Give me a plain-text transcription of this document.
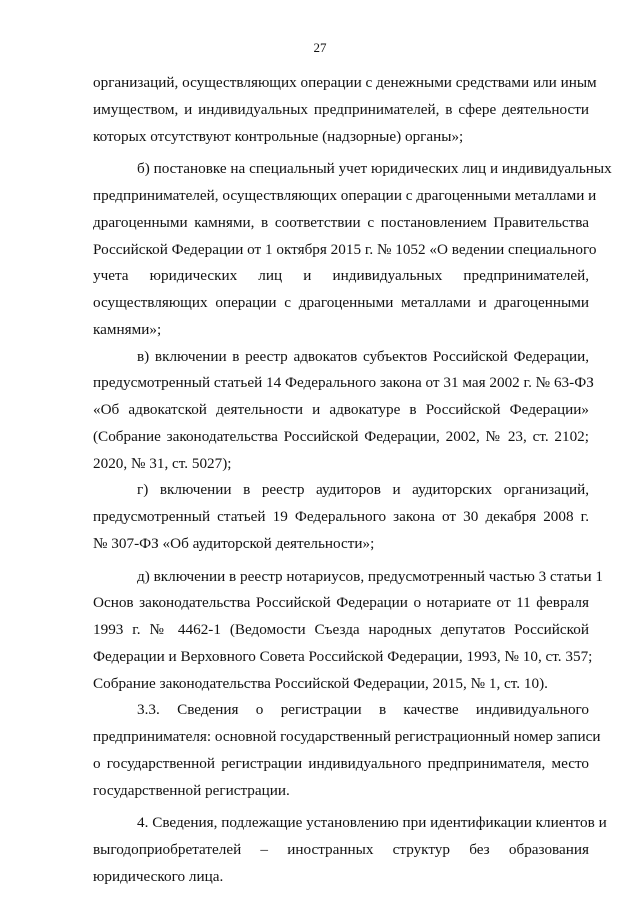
27
организаций, осуществляющих операции с денежными средствами или иным
имуществом, и индивидуальных предпринимателей, в сфере деятельности
которых отсутствуют контрольные (надзорные) органы»;
б) постановке на специальный учет юридических лиц и индивидуальных
предпринимателей, осуществляющих операции с драгоценными металлами и
драгоценными камнями, в соответствии с постановлением Правительства
Российской Федерации от 1 октября 2015 г. № 1052 «О ведении специального
учета юридических лиц и индивидуальных предпринимателей,
осуществляющих операции с драгоценными металлами и драгоценными
камнями»;
в) включении в реестр адвокатов субъектов Российской Федерации,
предусмотренный статьей 14 Федерального закона от 31 мая 2002 г. № 63-ФЗ
«Об адвокатской деятельности и адвокатуре в Российской Федерации»
(Собрание законодательства Российской Федерации, 2002, № 23, ст. 2102;
2020, № 31, ст. 5027);
г) включении в реестр аудиторов и аудиторских организаций,
предусмотренный статьей 19 Федерального закона от 30 декабря 2008 г.
№ 307-ФЗ «Об аудиторской деятельности»;
д) включении в реестр нотариусов, предусмотренный частью 3 статьи 1
Основ законодательства Российской Федерации о нотариате от 11 февраля
1993 г. № 4462-1 (Ведомости Съезда народных депутатов Российской
Федерации и Верховного Совета Российской Федерации, 1993, № 10, ст. 357;
Собрание законодательства Российской Федерации, 2015, № 1, ст. 10).
3.3. Сведения о регистрации в качестве индивидуального
предпринимателя: основной государственный регистрационный номер записи
о государственной регистрации индивидуального предпринимателя, место
государственной регистрации.
4. Сведения, подлежащие установлению при идентификации клиентов и
выгодоприобретателей – иностранных структур без образования
юридического лица.
